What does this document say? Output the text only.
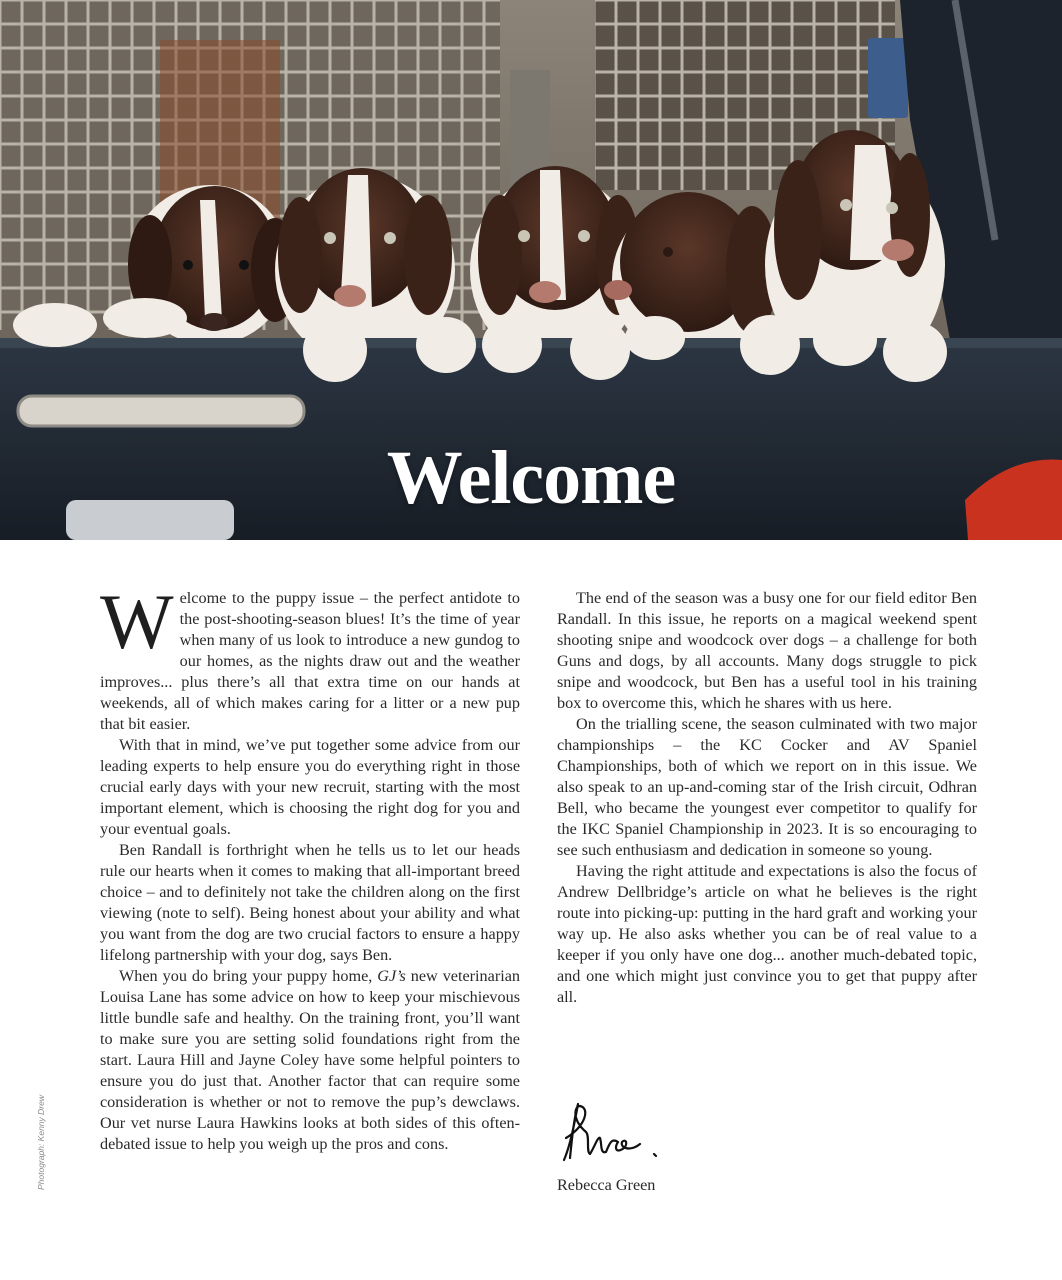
Welcome

Welcome to the puppy issue – the perfect antidote to the post-shooting-season blues! It’s the time of year when many of us look to introduce a new gundog to our homes, as the nights draw out and the weather improves... plus there’s all that extra time on our hands at weekends, all of which makes caring for a litter or a new pup that bit easier.

With that in mind, we’ve put together some advice from our leading experts to help ensure you do everything right in those crucial early days with your new recruit, starting with the most important element, which is choosing the right dog for you and your eventual goals.

Ben Randall is forthright when he tells us to let our heads rule our hearts when it comes to making that all-important breed choice – and to definitely not take the children along on the first viewing (note to self). Being honest about your ability and what you want from the dog are two crucial factors to ensure a happy lifelong partnership with your dog, says Ben.

When you do bring your puppy home, GJ’s new veterinarian Louisa Lane has some advice on how to keep your mischievous little bundle safe and healthy. On the training front, you’ll want to make sure you are setting solid foundations right from the start. Laura Hill and Jayne Coley have some helpful pointers to ensure you do just that. Another factor that can require some consideration is whether or not to remove the pup’s dewclaws. Our vet nurse Laura Hawkins looks at both sides of this often-debated issue to help you weigh up the pros and cons.

The end of the season was a busy one for our field editor Ben Randall. In this issue, he reports on a magical weekend spent shooting snipe and woodcock over dogs – a challenge for both Guns and dogs, by all accounts. Many dogs struggle to pick snipe and woodcock, but Ben has a useful tool in his training box to overcome this, which he shares with us here.

On the trialling scene, the season culminated with two major championships – the KC Cocker and AV Spaniel Championships, both of which we report on in this issue. We also speak to an up-and-coming star of the Irish circuit, Odhran Bell, who became the youngest ever competitor to qualify for the IKC Spaniel Championship in 2023. It is so encouraging to see such enthusiasm and dedication in someone so young.

Having the right attitude and expectations is also the focus of Andrew Dellbridge’s article on what he believes is the right route into picking-up: putting in the hard graft and working your way up. He also asks whether you can be of real value to a keeper if you only have one dog... another much-debated topic, and one which might just convince you to get that puppy after all.

Photograph: Kenny Drew	Rebecca Green
